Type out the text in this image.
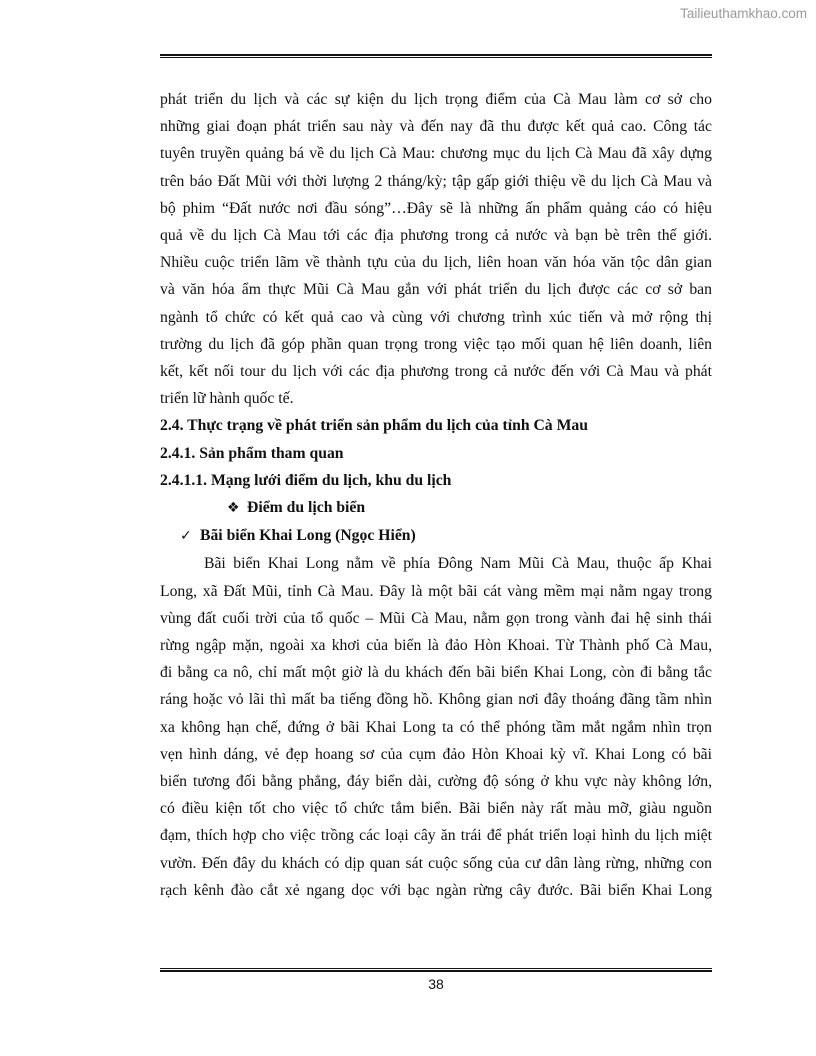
Tailieuthamkhao.com

phát triển du lịch và các sự kiện du lịch trọng điểm của Cà Mau làm cơ sở cho

những giai đoạn phát triển sau này và đến nay đã thu được kết quả cao. Công tác

tuyên truyền quảng bá về du lịch Cà Mau: chương mục du lịch Cà Mau đã xây dựng

trên báo Đất Mũi với thời lượng 2 tháng/kỳ; tập gấp giới thiệu về du lịch Cà Mau và

bộ phim “Đất nước nơi đầu sóng”…Đây sẽ là những ấn phẩm quảng cáo có hiệu

quả về du lịch Cà Mau tới các địa phương trong cả nước và bạn bè trên thế giới.

Nhiều cuộc triển lãm về thành tựu của du lịch, liên hoan văn hóa văn tộc dân gian

và văn hóa ẩm thực Mũi Cà Mau gắn với phát triển du lịch được các cơ sở ban

ngành tổ chức có kết quả cao và cùng với chương trình xúc tiến và mở rộng thị

trường du lịch đã góp phần quan trọng trong việc tạo mối quan hệ liên doanh, liên

kết, kết nối tour du lịch với các địa phương trong cả nước đến với Cà Mau và phát

triển lữ hành quốc tế.

2.4. Thực trạng về phát triển sản phẩm du lịch của tỉnh Cà Mau
2.4.1. Sản phẩm tham quan
2.4.1.1. Mạng lưới điểm du lịch, khu du lịch
❖ Điểm du lịch biển
✓ Bãi biển Khai Long (Ngọc Hiển)

Bãi biển Khai Long nằm về phía Đông Nam Mũi Cà Mau, thuộc ấp Khai

Long, xã Đất Mũi, tỉnh Cà Mau. Đây là một bãi cát vàng mềm mại nằm ngay trong

vùng đất cuối trời của tổ quốc – Mũi Cà Mau, nằm gọn trong vành đai hệ sinh thái

rừng ngập mặn, ngoài xa khơi của biển là đảo Hòn Khoai. Từ Thành phố Cà Mau,

đi bằng ca nô, chỉ mất một giờ là du khách đến bãi biển Khai Long, còn đi bằng tắc

ráng hoặc vỏ lãi thì mất ba tiếng đồng hồ. Không gian nơi đây thoáng đãng tầm nhìn

xa không hạn chế, đứng ở bãi Khai Long ta có thể phóng tầm mắt ngắm nhìn trọn

vẹn hình dáng, vẻ đẹp hoang sơ của cụm đảo Hòn Khoai kỳ vĩ. Khai Long có bãi

biển tương đối bằng phẳng, đáy biển dài, cường độ sóng ở khu vực này không lớn,

có điều kiện tốt cho việc tổ chức tắm biển. Bãi biển này rất màu mỡ, giàu nguồn

đạm, thích hợp cho việc trồng các loại cây ăn trái để phát triển loại hình du lịch miệt

vườn. Đến đây du khách có dịp quan sát cuộc sống của cư dân làng rừng, những con

rạch kênh đào cắt xẻ ngang dọc với bạc ngàn rừng cây đước. Bãi biển Khai Long

38
